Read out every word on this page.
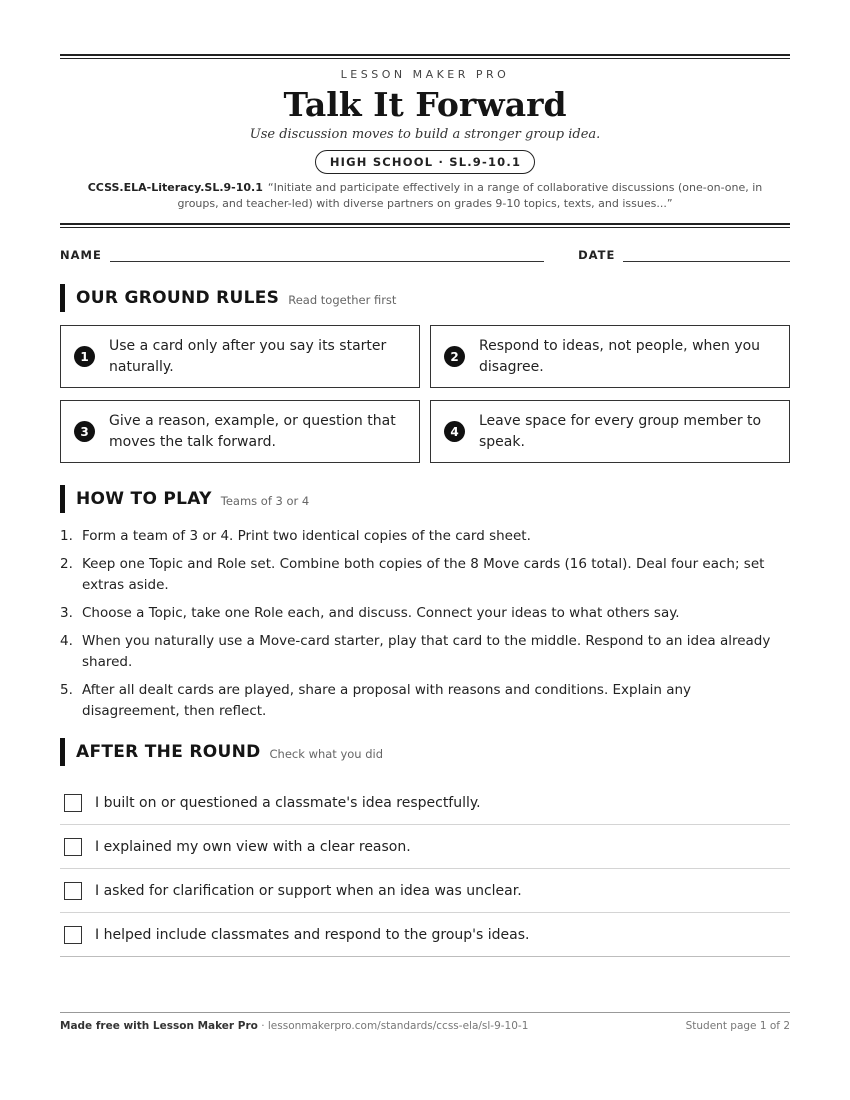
LESSON MAKER PRO
Talk It Forward
Use discussion moves to build a stronger group idea.
HIGH SCHOOL · SL.9-10.1
CCSS.ELA-Literacy.SL.9-10.1 “Initiate and participate effectively in a range of collaborative discussions (one-on-one, in groups, and teacher-led) with diverse partners on grades 9-10 topics, texts, and issues...”
NAME	DATE
OUR GROUND RULES Read together first
1
Use a card only after you say its starter naturally.
2
Respond to ideas, not people, when you disagree.
3
Give a reason, example, or question that moves the talk forward.
4
Leave space for every group member to speak.
HOW TO PLAY Teams of 3 or 4
1. Form a team of 3 or 4. Print two identical copies of the card sheet.
2. Keep one Topic and Role set. Combine both copies of the 8 Move cards (16 total). Deal four each; set extras aside.
3. Choose a Topic, take one Role each, and discuss. Connect your ideas to what others say.
4. When you naturally use a Move-card starter, play that card to the middle. Respond to an idea already shared.
5. After all dealt cards are played, share a proposal with reasons and conditions. Explain any disagreement, then reflect.
AFTER THE ROUND Check what you did
I built on or questioned a classmate's idea respectfully.
I explained my own view with a clear reason.
I asked for clarification or support when an idea was unclear.
I helped include classmates and respond to the group's ideas.
Made free with Lesson Maker Pro · lessonmakerpro.com/standards/ccss-ela/sl-9-10-1	Student page 1 of 2
